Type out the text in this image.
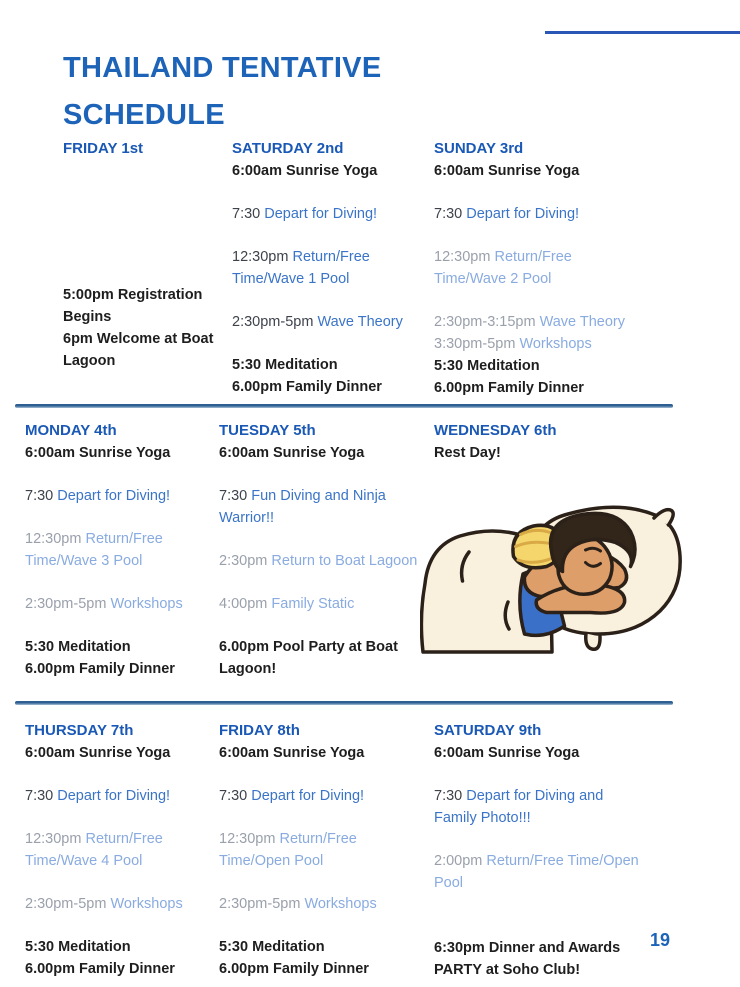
THAILAND TENTATIVE SCHEDULE
FRIDAY 1st
5:00pm Registration Begins
6pm Welcome at Boat Lagoon
SATURDAY 2nd
6:00am Sunrise Yoga
7:30 Depart for Diving!
12:30pm Return/Free Time/Wave 1 Pool
2:30pm-5pm Wave Theory
5:30 Meditation
6.00pm Family Dinner
SUNDAY 3rd
6:00am Sunrise Yoga
7:30 Depart for Diving!
12:30pm Return/Free Time/Wave 2 Pool
2:30pm-3:15pm Wave Theory
3:30pm-5pm Workshops
5:30 Meditation
6.00pm Family Dinner
MONDAY 4th
6:00am Sunrise Yoga
7:30 Depart for Diving!
12:30pm Return/Free Time/Wave 3 Pool
2:30pm-5pm Workshops
5:30 Meditation
6.00pm Family Dinner
TUESDAY 5th
6:00am Sunrise Yoga
7:30 Fun Diving and Ninja Warrior!!
2:30pm Return to Boat Lagoon
4:00pm Family Static
6.00pm Pool Party at Boat Lagoon!
WEDNESDAY 6th
Rest Day!
THURSDAY 7th
6:00am Sunrise Yoga
7:30 Depart for Diving!
12:30pm Return/Free Time/Wave 4 Pool
2:30pm-5pm Workshops
5:30 Meditation
6.00pm Family Dinner
FRIDAY 8th
6:00am Sunrise Yoga
7:30 Depart for Diving!
12:30pm Return/Free Time/Open Pool
2:30pm-5pm Workshops
5:30 Meditation
6.00pm Family Dinner
SATURDAY 9th
6:00am Sunrise Yoga
7:30 Depart for Diving and Family Photo!!!
2:00pm Return/Free Time/Open Pool
6:30pm Dinner and Awards PARTY at Soho Club!
19
